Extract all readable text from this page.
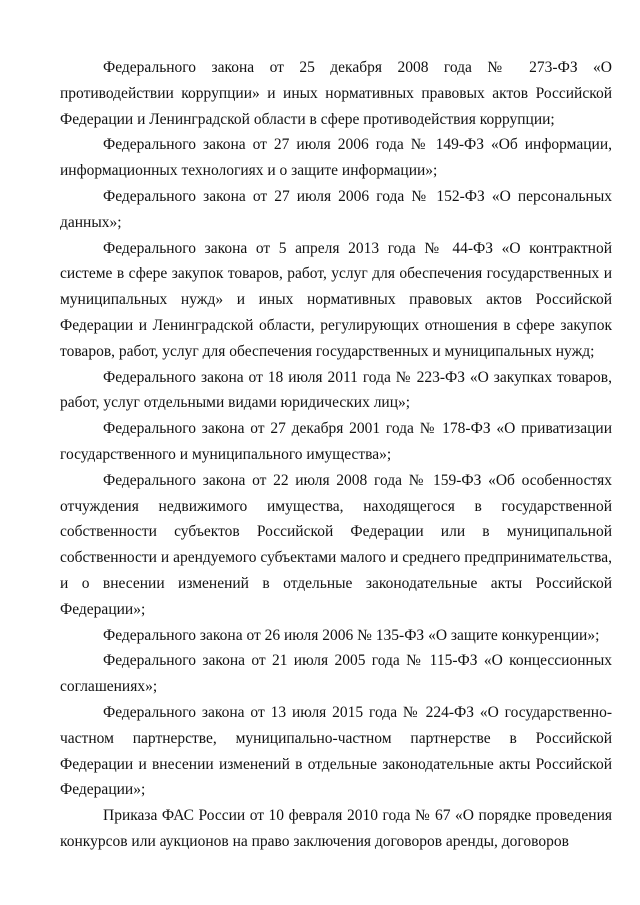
Федерального закона от 25 декабря 2008 года № 273-ФЗ «О противодействии коррупции» и иных нормативных правовых актов Российской Федерации и Ленинградской области в сфере противодействия коррупции;

Федерального закона от 27 июля 2006 года № 149-ФЗ «Об информации, информационных технологиях и о защите информации»;

Федерального закона от 27 июля 2006 года № 152-ФЗ «О персональных данных»;

Федерального закона от 5 апреля 2013 года № 44-ФЗ «О контрактной системе в сфере закупок товаров, работ, услуг для обеспечения государственных и муниципальных нужд» и иных нормативных правовых актов Российской Федерации и Ленинградской области, регулирующих отношения в сфере закупок товаров, работ, услуг для обеспечения государственных и муниципальных нужд;

Федерального закона от 18 июля 2011 года № 223-ФЗ «О закупках товаров, работ, услуг отдельными видами юридических лиц»;

Федерального закона от 27 декабря 2001 года № 178-ФЗ «О приватизации государственного и муниципального имущества»;

Федерального закона от 22 июля 2008 года № 159-ФЗ «Об особенностях отчуждения недвижимого имущества, находящегося в государственной собственности субъектов Российской Федерации или в муниципальной собственности и арендуемого субъектами малого и среднего предпринимательства, и о внесении изменений в отдельные законодательные акты Российской Федерации»;

Федерального закона от 26 июля 2006 № 135-ФЗ «О защите конкуренции»;

Федерального закона от 21 июля 2005 года № 115-ФЗ «О концессионных соглашениях»;

Федерального закона от 13 июля 2015 года № 224-ФЗ «О государственно-частном партнерстве, муниципально-частном партнерстве в Российской Федерации и внесении изменений в отдельные законодательные акты Российской Федерации»;

Приказа ФАС России от 10 февраля 2010 года № 67 «О порядке проведения конкурсов или аукционов на право заключения договоров аренды, договоров
